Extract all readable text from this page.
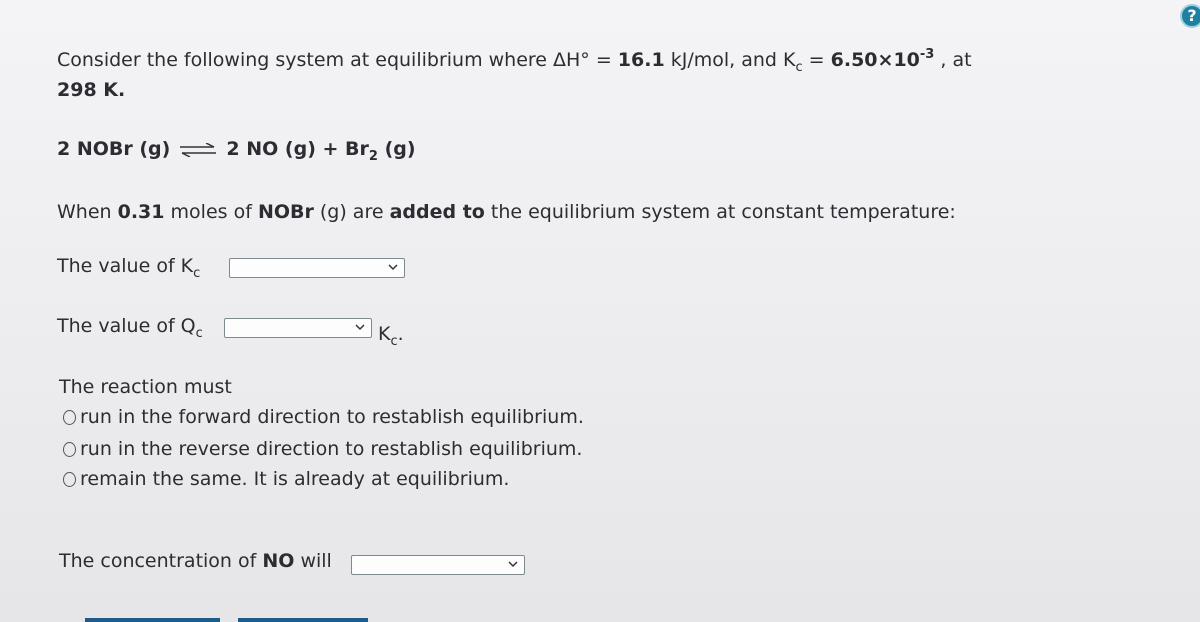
?
Consider the following system at equilibrium where ΔH° = 16.1 kJ/mol, and $K_c = 6.50\times 10^{-3}$ , at
298 K.
2 NOBr (g) ⇌ 2 NO $(g) + Br_2$ (g)
When 0.31 moles of NOBr (g) are added to the equilibrium system at constant temperature:
The value of $K_c$
The value of $Q_c$	$K_c$.
The reaction must
run in the forward direction to restablish equilibrium.
run in the reverse direction to restablish equilibrium.
remain the same. It is already at equilibrium.
The concentration of NO will
